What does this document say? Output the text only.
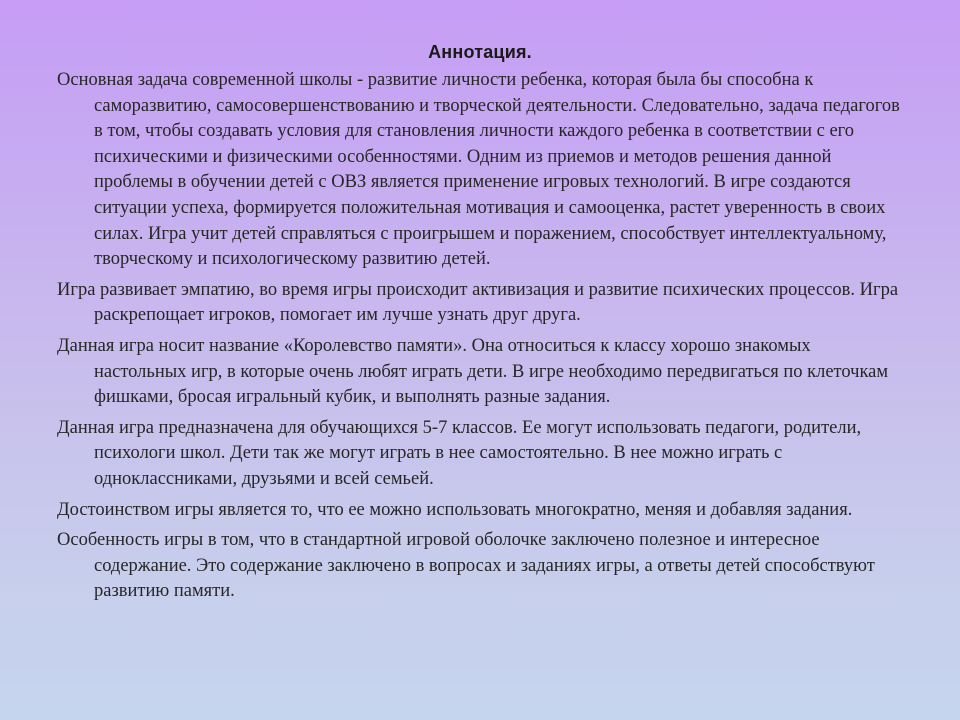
Аннотация.

Основная задача современной школы - развитие личности ребенка, которая была бы способна к саморазвитию, самосовершенствованию и творческой деятельности. Следовательно, задача педагогов в том, чтобы создавать условия для становления личности каждого ребенка в соответствии с его психическими и физическими особенностями. Одним из приемов и методов решения данной проблемы в обучении детей с ОВЗ является применение игровых технологий. В игре создаются ситуации успеха, формируется положительная мотивация и самооценка, растет уверенность в своих силах. Игра учит детей справляться с проигрышем и поражением, способствует интеллектуальному, творческому и психологическому развитию детей.

Игра развивает эмпатию, во время игры происходит активизация и развитие психических процессов. Игра раскрепощает игроков, помогает им лучше узнать друг друга.

Данная игра носит название «Королевство памяти». Она относиться к классу хорошо знакомых настольных игр, в которые очень любят играть дети. В игре необходимо передвигаться по клеточкам фишками, бросая игральный кубик, и выполнять разные задания.

Данная игра предназначена для обучающихся 5-7 классов. Ее могут использовать педагоги, родители, психологи школ. Дети так же могут играть в нее самостоятельно. В нее можно играть с одноклассниками, друзьями и всей семьей.

Достоинством игры является то, что ее можно использовать многократно, меняя и добавляя задания.

Особенность игры в том, что в стандартной игровой оболочке заключено полезное и интересное содержание. Это содержание заключено в вопросах и заданиях игры, а ответы детей способствуют развитию памяти.
